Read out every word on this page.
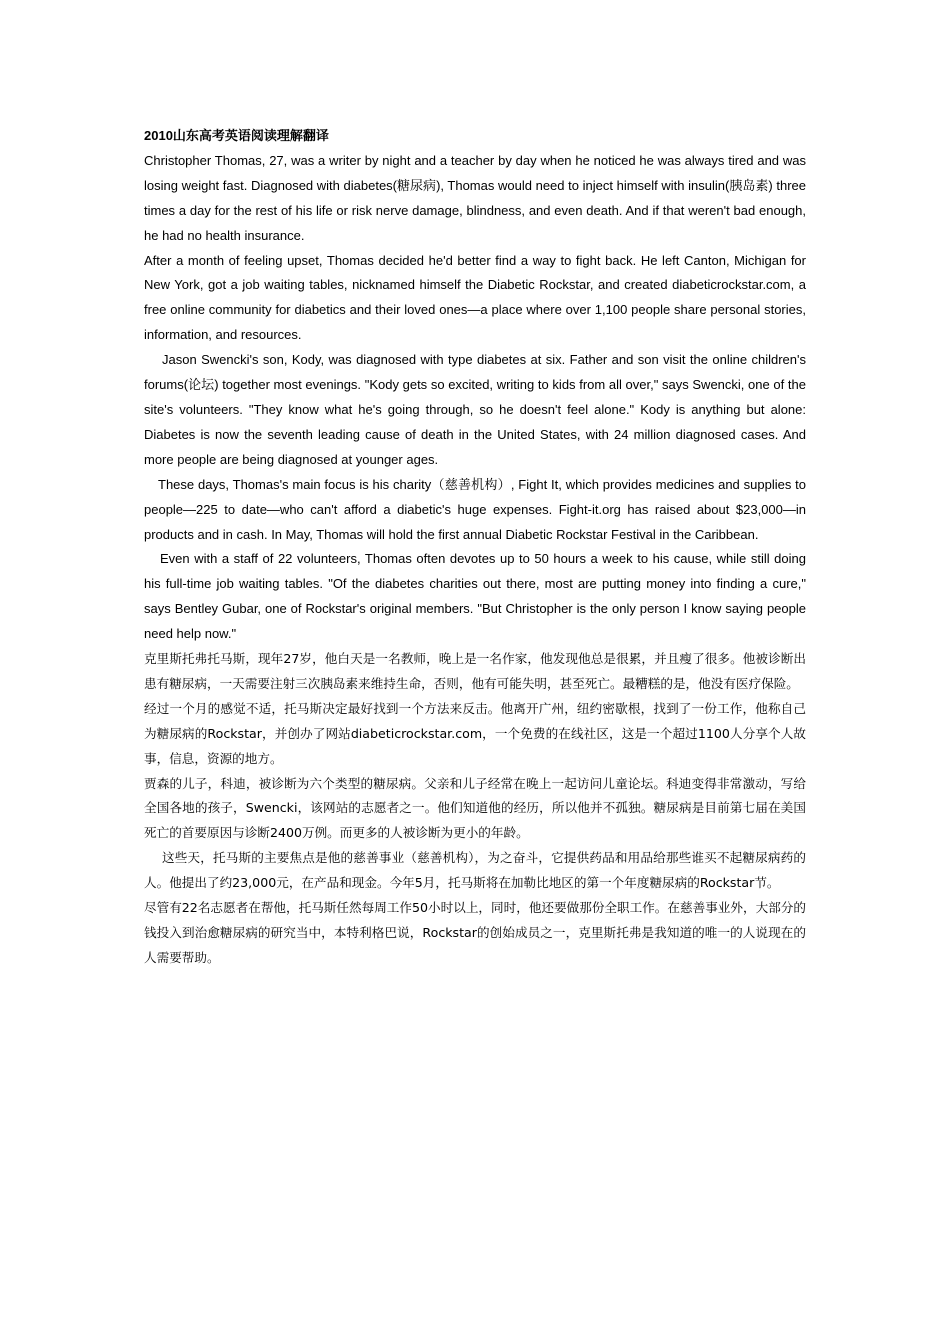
2010山东高考英语阅读理解翻译

Christopher Thomas, 27, was a writer by night and a teacher by day when he noticed he was always tired and was losing weight fast. Diagnosed with diabetes(糖尿病), Thomas would need to inject himself with insulin(胰岛素) three times a day for the rest of his life or risk nerve damage, blindness, and even death. And if that weren't bad enough, he had no health insurance.

After a month of feeling upset, Thomas decided he'd better find a way to fight back. He left Canton, Michigan for New York, got a job waiting tables, nicknamed himself the Diabetic Rockstar, and created diabeticrockstar.com, a free online community for diabetics and their loved ones—a place where over 1,100 people share personal stories, information, and resources.

Jason Swencki's son, Kody, was diagnosed with type diabetes at six. Father and son visit the online children's forums(论坛) together most evenings. "Kody gets so excited, writing to kids from all over," says Swencki, one of the site's volunteers. "They know what he's going through, so he doesn't feel alone." Kody is anything but alone: Diabetes is now the seventh leading cause of death in the United States, with 24 million diagnosed cases. And more people are being diagnosed at younger ages.

These days, Thomas's main focus is his charity（慈善机构）, Fight It, which provides medicines and supplies to people—225 to date—who can't afford a diabetic's huge expenses. Fight-it.org has raised about $23,000—in products and in cash. In May, Thomas will hold the first annual Diabetic Rockstar Festival in the Caribbean.

Even with a staff of 22 volunteers, Thomas often devotes up to 50 hours a week to his cause, while still doing his full-time job waiting tables. "Of the diabetes charities out there, most are putting money into finding a cure," says Bentley Gubar, one of Rockstar's original members. "But Christopher is the only person I know saying people need help now."

克里斯托弗托马斯，现年27岁，他白天是一名教师，晚上是一名作家，他发现他总是很累，并且瘦了很多。他被诊断出患有糖尿病，一天需要注射三次胰岛素来维持生命，否则，他有可能失明，甚至死亡。最糟糕的是，他没有医疗保险。

经过一个月的感觉不适，托马斯决定最好找到一个方法来反击。他离开广州，纽约密歇根，找到了一份工作，他称自己为糖尿病的Rockstar，并创办了网站diabeticrockstar.com，一个免费的在线社区，这是一个超过1100人分享个人故事，信息，资源的地方。

贾森的儿子，科迪，被诊断为六个类型的糖尿病。父亲和儿子经常在晚上一起访问儿童论坛。科迪变得非常激动，写给全国各地的孩子，Swencki，该网站的志愿者之一。他们知道他的经历，所以他并不孤独。糖尿病是目前第七届在美国死亡的首要原因与诊断2400万例。而更多的人被诊断为更小的年龄。

这些天，托马斯的主要焦点是他的慈善事业（慈善机构），为之奋斗，它提供药品和用品给那些谁买不起糖尿病药的人。他提出了约23,000元，在产品和现金。今年5月，托马斯将在加勒比地区的第一个年度糖尿病的Rockstar节。

尽管有22名志愿者在帮他，托马斯任然每周工作50小时以上，同时，他还要做那份全职工作。在慈善事业外，大部分的钱投入到治愈糖尿病的研究当中，本特利格巴说，Rockstar的创始成员之一，克里斯托弗是我知道的唯一的人说现在的人需要帮助。
